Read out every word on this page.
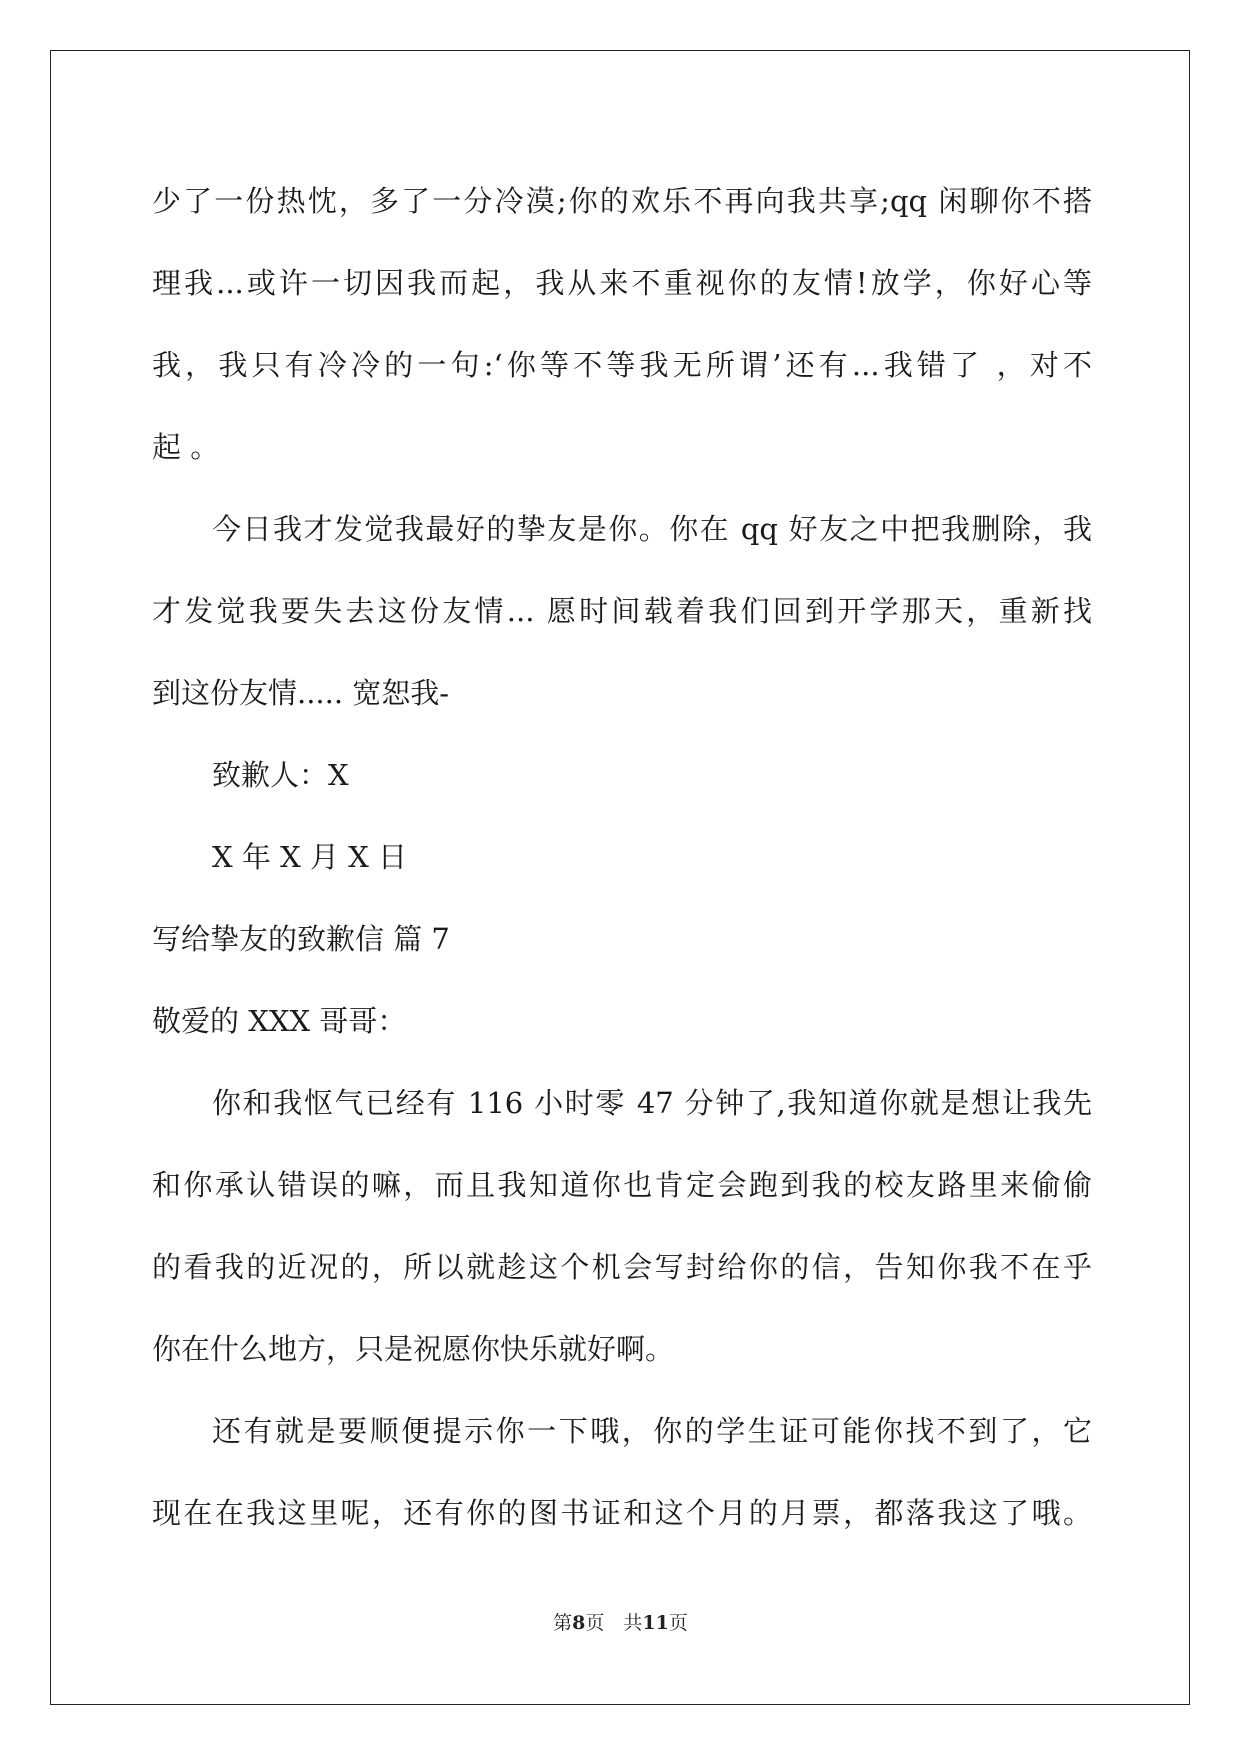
少了一份热忱，多了一分冷漠;你的欢乐不再向我共享;qq 闲聊你不搭
理我...或许一切因我而起，我从来不重视你的友情!放学，你好心等
我，我只有冷冷的一句:‘你等不等我无所谓’还有...我错了 ，对不
起 。
今日我才发觉我最好的挚友是你。你在 qq 好友之中把我删除，我
才发觉我要失去这份友情... 愿时间载着我们回到开学那天，重新找
到这份友情..... 宽恕我-
致歉人：X
X 年 X 月 X 日
写给挚友的致歉信 篇 7
敬爱的 XXX 哥哥：
你和我怄气已经有 116 小时零 47 分钟了,我知道你就是想让我先
和你承认错误的嘛，而且我知道你也肯定会跑到我的校友路里来偷偷
的看我的近况的，所以就趁这个机会写封给你的信，告知你我不在乎
你在什么地方，只是祝愿你快乐就好啊。
还有就是要顺便提示你一下哦，你的学生证可能你找不到了，它
现在在我这里呢，还有你的图书证和这个月的月票，都落我这了哦。
第8页　共11页
